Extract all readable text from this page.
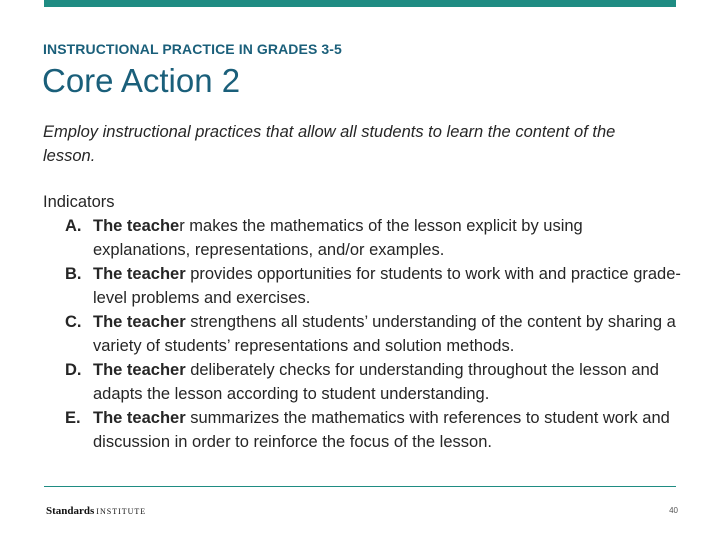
INSTRUCTIONAL PRACTICE IN GRADES 3-5
Core Action 2

Employ instructional practices that allow all students to learn the content of the lesson.

Indicators

A. The teacher makes the mathematics of the lesson explicit by using explanations, representations, and/or examples.
B. The teacher provides opportunities for students to work with and practice grade-level problems and exercises.
C. The teacher strengthens all students’ understanding of the content by sharing a variety of students’ representations and solution methods.
D. The teacher deliberately checks for understanding throughout the lesson and adapts the lesson according to student understanding.
E. The teacher summarizes the mathematics with references to student work and discussion in order to reinforce the focus of the lesson.
Standards INSTITUTE	40
